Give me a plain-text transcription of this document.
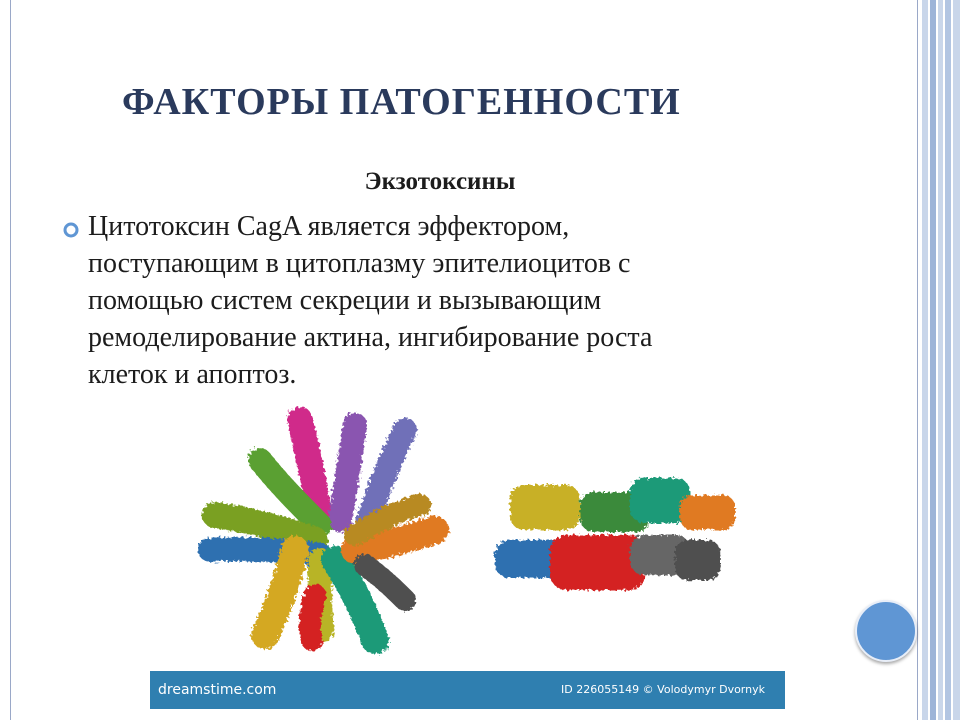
ФАКТОРЫ ПАТОГЕННОСТИ
Экзотоксины
Цитотоксин CagA является эффектором,
поступающим в цитоплазму эпителиоцитов с
помощью систем секреции и вызывающим
ремоделирование актина, ингибирование роста
клеток и апоптоз.
dreamstime.com	ID 226055149 © Volodymyr Dvornyk
